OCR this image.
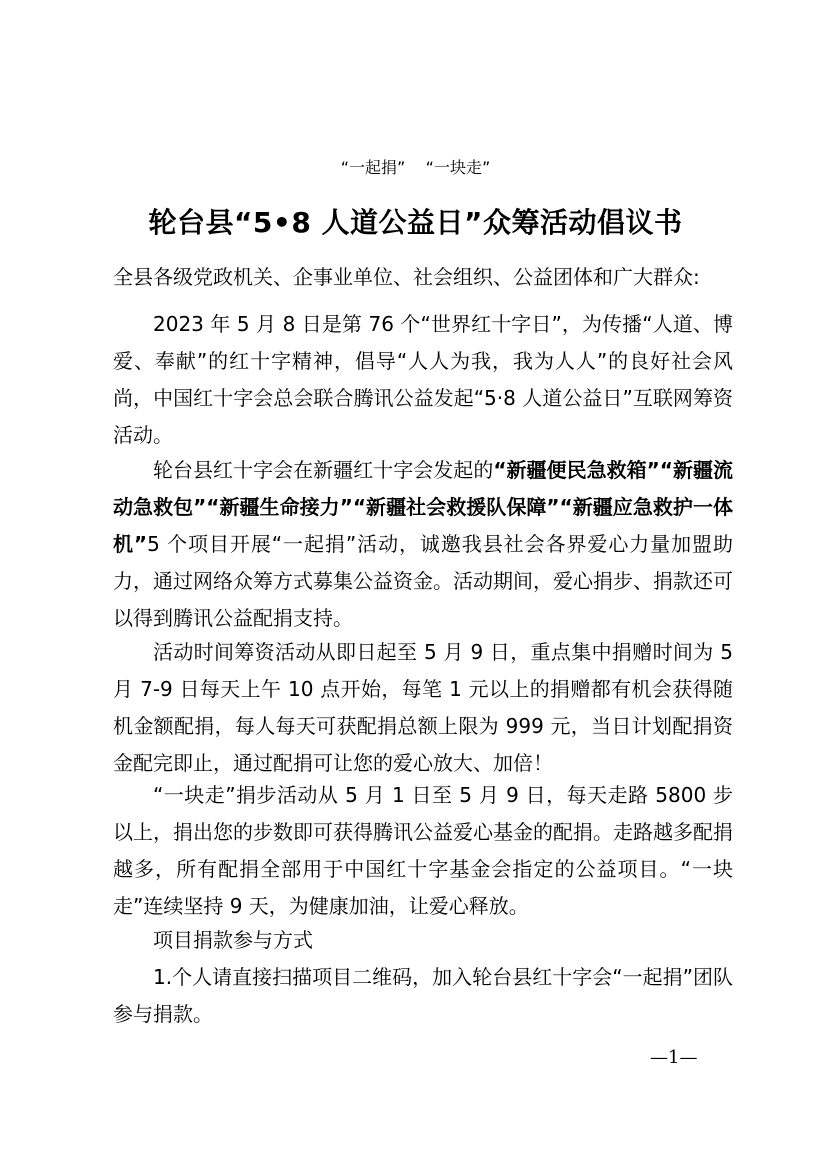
“一起捐”    “一块走”
轮台县“5•8 人道公益日”众筹活动倡议书
全县各级党政机关、企事业单位、社会组织、公益团体和广大群众:

2023 年 5 月 8 日是第 76 个“世界红十字日”，为传播“人道、博爱、奉献”的红十字精神，倡导“人人为我，我为人人”的良好社会风尚，中国红十字会总会联合腾讯公益发起“5·8 人道公益日”互联网筹资活动。

轮台县红十字会在新疆红十字会发起的“新疆便民急救箱”“新疆流动急救包”“新疆生命接力”“新疆社会救援队保障”“新疆应急救护一体机”5 个项目开展“一起捐”活动，诚邀我县社会各界爱心力量加盟助力，通过网络众筹方式募集公益资金。活动期间，爱心捐步、捐款还可以得到腾讯公益配捐支持。

活动时间筹资活动从即日起至 5 月 9 日，重点集中捐赠时间为 5 月 7-9 日每天上午 10 点开始，每笔 1 元以上的捐赠都有机会获得随机金额配捐，每人每天可获配捐总额上限为 999 元，当日计划配捐资金配完即止，通过配捐可让您的爱心放大、加倍！

“一块走”捐步活动从 5 月 1 日至 5 月 9 日，每天走路 5800 步以上，捐出您的步数即可获得腾讯公益爱心基金的配捐。走路越多配捐越多，所有配捐全部用于中国红十字基金会指定的公益项目。“一块走”连续坚持 9 天，为健康加油，让爱心释放。

项目捐款参与方式

1.个人请直接扫描项目二维码，加入轮台县红十字会“一起捐”团队参与捐款。

—1—
